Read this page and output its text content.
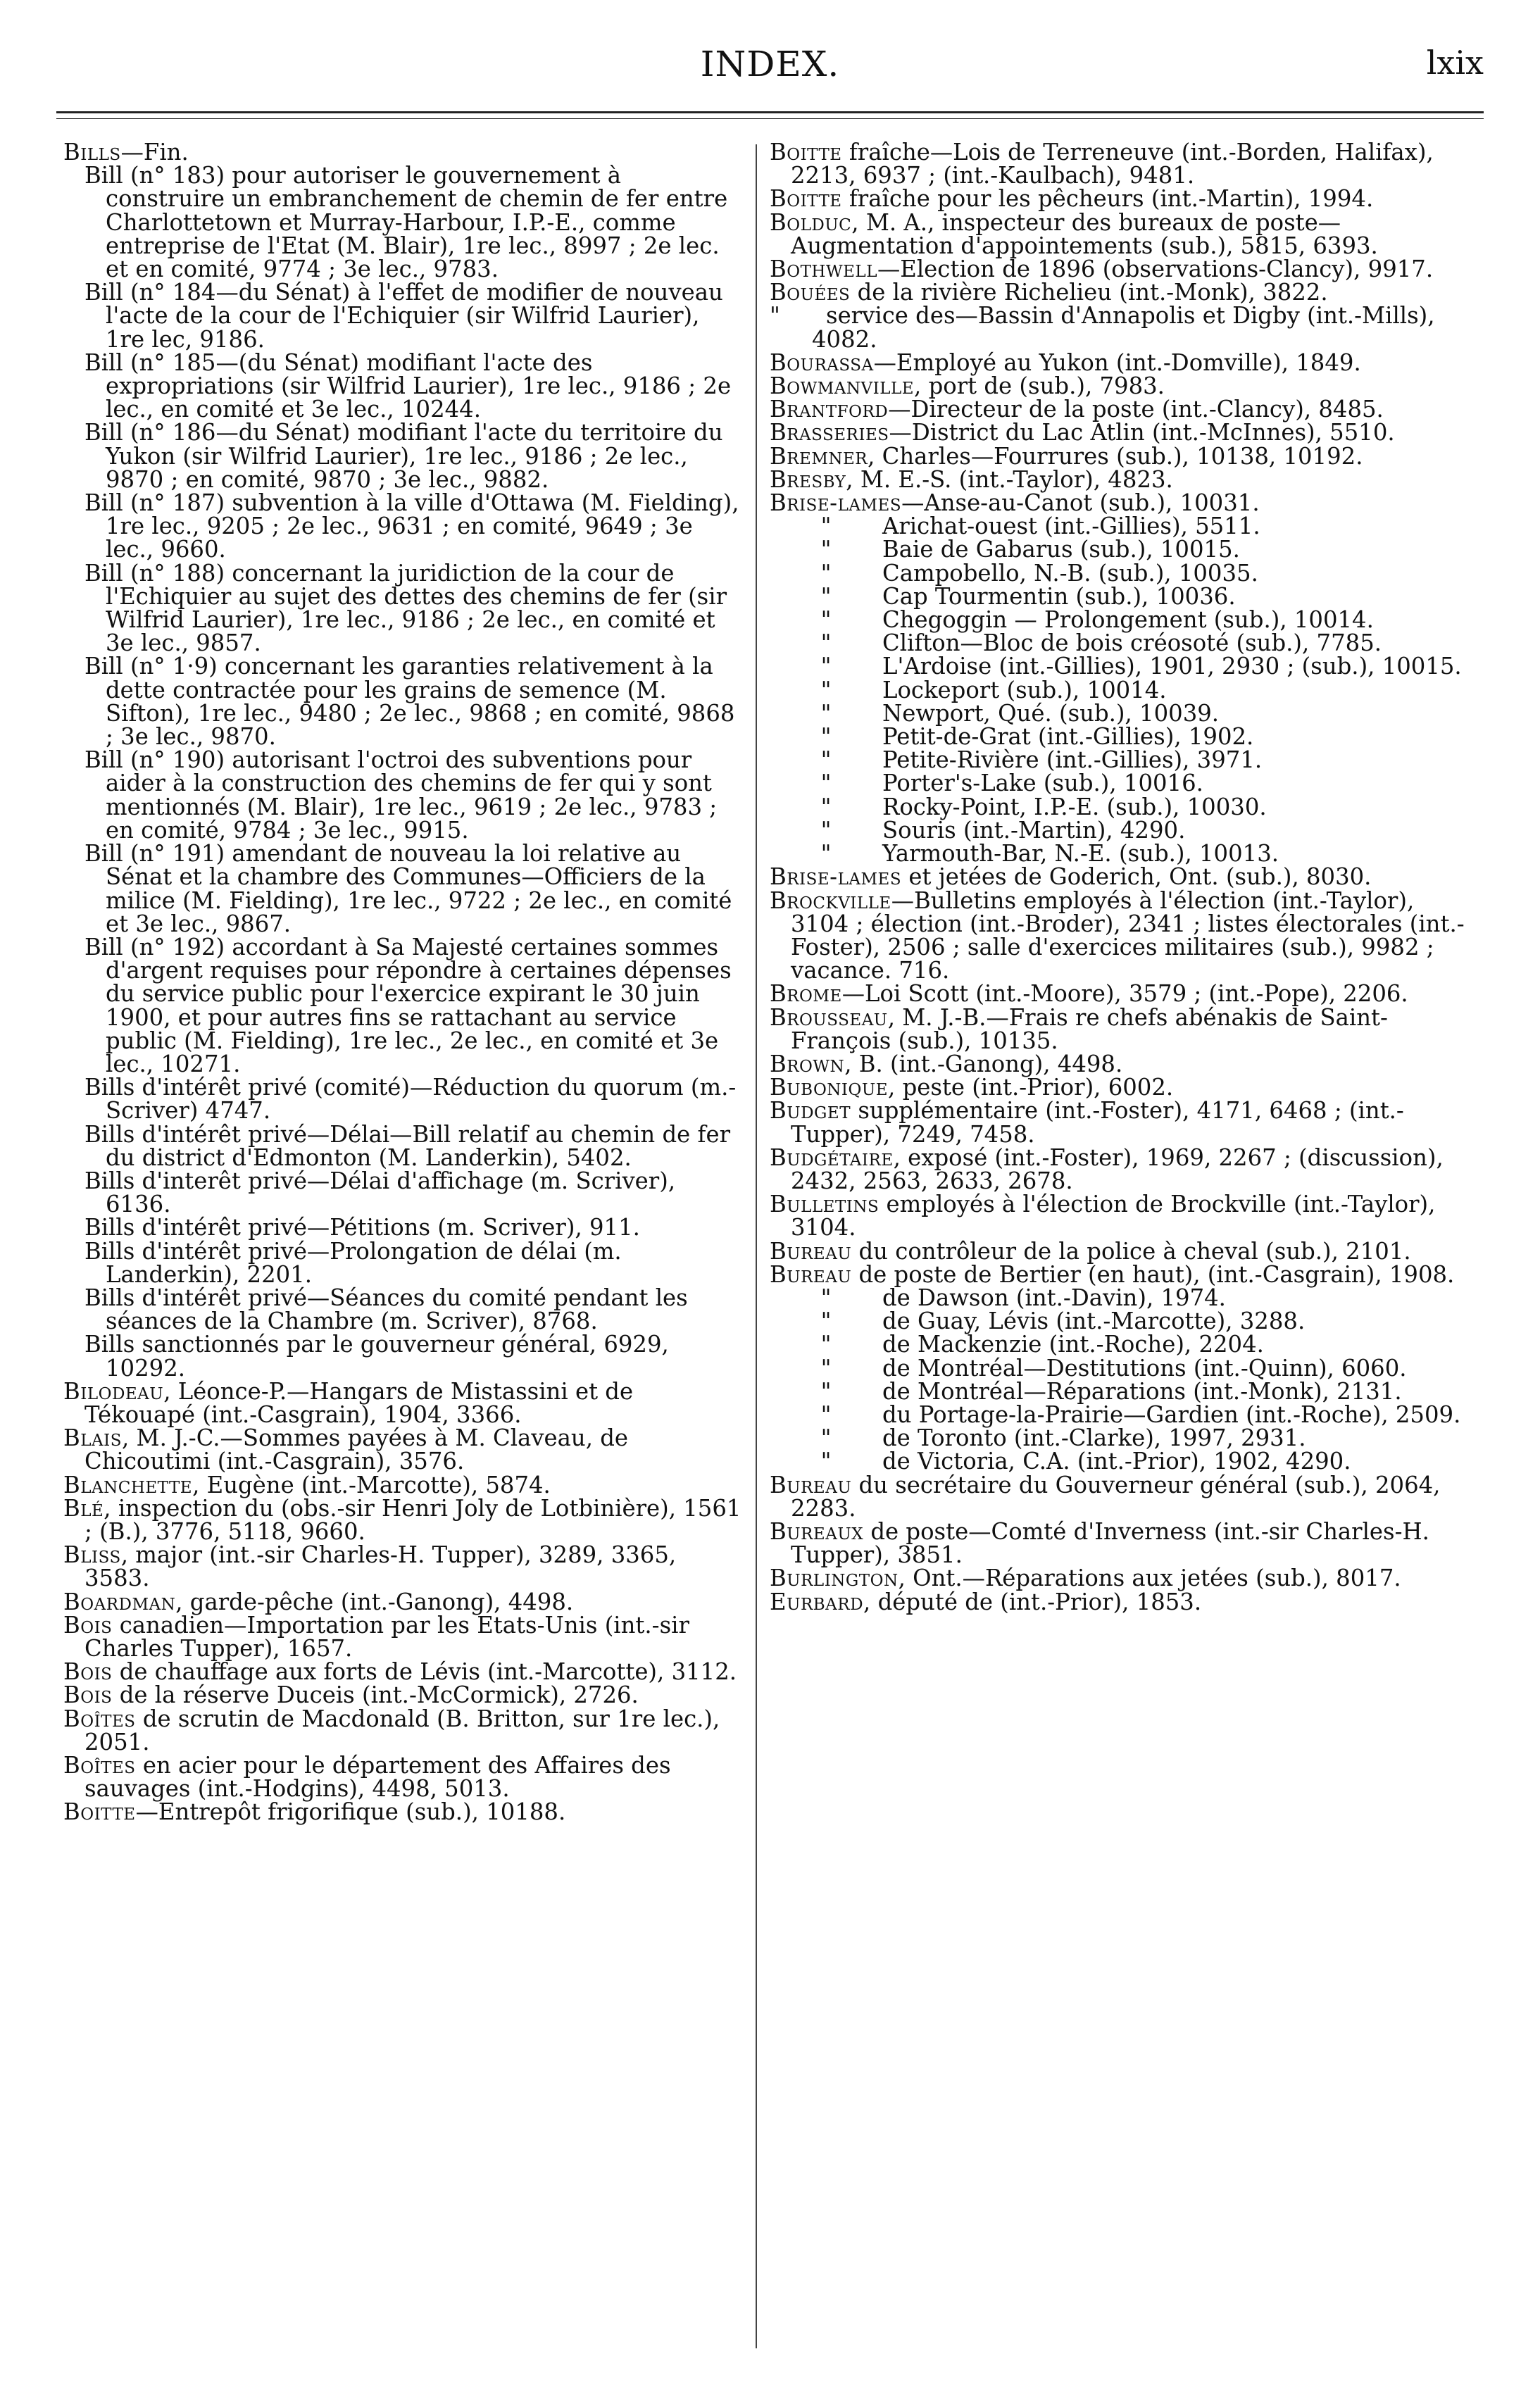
INDEX.	lxix

Bills—Fin.

Bill (n° 183) pour autoriser le gouvernement à construire un embranchement de chemin de fer entre Charlottetown et Murray-Harbour, I.P.-E., comme entreprise de l'Etat (M. Blair), 1re lec., 8997 ; 2e lec. et en comité, 9774 ; 3e lec., 9783.

Bill (n° 184—du Sénat) à l'effet de modifier de nouveau l'acte de la cour de l'Echiquier (sir Wilfrid Laurier), 1re lec, 9186.

Bill (n° 185—(du Sénat) modifiant l'acte des expropriations (sir Wilfrid Laurier), 1re lec., 9186 ; 2e lec., en comité et 3e lec., 10244.

Bill (n° 186—du Sénat) modifiant l'acte du territoire du Yukon (sir Wilfrid Laurier), 1re lec., 9186 ; 2e lec., 9870 ; en comité, 9870 ; 3e lec., 9882.

Bill (n° 187) subvention à la ville d'Ottawa (M. Fielding), 1re lec., 9205 ; 2e lec., 9631 ; en comité, 9649 ; 3e lec., 9660.

Bill (n° 188) concernant la juridiction de la cour de l'Echiquier au sujet des dettes des chemins de fer (sir Wilfrid Laurier), 1re lec., 9186 ; 2e lec., en comité et 3e lec., 9857.

Bill (n° 1·9) concernant les garanties relativement à la dette contractée pour les grains de semence (M. Sifton), 1re lec., 9480 ; 2e lec., 9868 ; en comité, 9868 ; 3e lec., 9870.

Bill (n° 190) autorisant l'octroi des subventions pour aider à la construction des chemins de fer qui y sont mentionnés (M. Blair), 1re lec., 9619 ; 2e lec., 9783 ; en comité, 9784 ; 3e lec., 9915.

Bill (n° 191) amendant de nouveau la loi relative au Sénat et la chambre des Communes—Officiers de la milice (M. Fielding), 1re lec., 9722 ; 2e lec., en comité et 3e lec., 9867.

Bill (n° 192) accordant à Sa Majesté certaines sommes d'argent requises pour répondre à certaines dépenses du service public pour l'exercice expirant le 30 juin 1900, et pour autres fins se rattachant au service public (M. Fielding), 1re lec., 2e lec., en comité et 3e lec., 10271.

Bills d'intérêt privé (comité)—Réduction du quorum (m.-Scriver) 4747.

Bills d'intérêt privé—Délai—Bill relatif au chemin de fer du district d'Edmonton (M. Landerkin), 5402.

Bills d'interêt privé—Délai d'affichage (m. Scriver), 6136.

Bills d'intérêt privé—Pétitions (m. Scriver), 911.

Bills d'intérêt privé—Prolongation de délai (m. Landerkin), 2201.

Bills d'intérêt privé—Séances du comité pendant les séances de la Chambre (m. Scriver), 8768.

Bills sanctionnés par le gouverneur général, 6929, 10292.

Bilodeau, Léonce-P.—Hangars de Mistassini et de Tékouapé (int.-Casgrain), 1904, 3366.

Blais, M. J.-C.—Sommes payées à M. Claveau, de Chicoutimi (int.-Casgrain), 3576.

Blanchette, Eugène (int.-Marcotte), 5874.

Blé, inspection du (obs.-sir Henri Joly de Lotbinière), 1561 ; (B.), 3776, 5118, 9660.

Bliss, major (int.-sir Charles-H. Tupper), 3289, 3365, 3583.

Boardman, garde-pêche (int.-Ganong), 4498.

Bois canadien—Importation par les Etats-Unis (int.-sir Charles Tupper), 1657.

Bois de chauffage aux forts de Lévis (int.-Marcotte), 3112.

Bois de la réserve Duceis (int.-McCormick), 2726.

Boîtes de scrutin de Macdonald (B. Britton, sur 1re lec.), 2051.

Boîtes en acier pour le département des Affaires des sauvages (int.-Hodgins), 4498, 5013.

Boitte—Entrepôt frigorifique (sub.), 10188.

Boitte fraîche—Lois de Terreneuve (int.-Borden, Halifax), 2213, 6937 ; (int.-Kaulbach), 9481.

Boitte fraîche pour les pêcheurs (int.-Martin), 1994.

Bolduc, M. A., inspecteur des bureaux de poste—Augmentation d'appointements (sub.), 5815, 6393.

Bothwell—Election de 1896 (observations-Clancy), 9917.

Bouées de la rivière Richelieu (int.-Monk), 3822.

" service des—Bassin d'Annapolis et Digby (int.-Mills), 4082.

Bourassa—Employé au Yukon (int.-Domville), 1849.

Bowmanville, port de (sub.), 7983.

Brantford—Directeur de la poste (int.-Clancy), 8485.

Brasseries—District du Lac Atlin (int.-McInnes), 5510.

Bremner, Charles—Fourrures (sub.), 10138, 10192.

Bresby, M. E.-S. (int.-Taylor), 4823.

Brise-lames—Anse-au-Canot (sub.), 10031.

" Arichat-ouest (int.-Gillies), 5511.

" Baie de Gabarus (sub.), 10015.

" Campobello, N.-B. (sub.), 10035.

" Cap Tourmentin (sub.), 10036.

" Chegoggin — Prolongement (sub.), 10014.

" Clifton—Bloc de bois créosoté (sub.), 7785.

" L'Ardoise (int.-Gillies), 1901, 2930 ; (sub.), 10015.

" Lockeport (sub.), 10014.

" Newport, Qué. (sub.), 10039.

" Petit-de-Grat (int.-Gillies), 1902.

" Petite-Rivière (int.-Gillies), 3971.

" Porter's-Lake (sub.), 10016.

" Rocky-Point, I.P.-E. (sub.), 10030.

" Souris (int.-Martin), 4290.

" Yarmouth-Bar, N.-E. (sub.), 10013.

Brise-lames et jetées de Goderich, Ont. (sub.), 8030.

Brockville—Bulletins employés à l'élection (int.-Taylor), 3104 ; élection (int.-Broder), 2341 ; listes électorales (int.-Foster), 2506 ; salle d'exercices militaires (sub.), 9982 ; vacance. 716.

Brome—Loi Scott (int.-Moore), 3579 ; (int.-Pope), 2206.

Brousseau, M. J.-B.—Frais re chefs abénakis de Saint-François (sub.), 10135.

Brown, B. (int.-Ganong), 4498.

Bubonique, peste (int.-Prior), 6002.

Budget supplémentaire (int.-Foster), 4171, 6468 ; (int.-Tupper), 7249, 7458.

Budgétaire, exposé (int.-Foster), 1969, 2267 ; (discussion), 2432, 2563, 2633, 2678.

Bulletins employés à l'élection de Brockville (int.-Taylor), 3104.

Bureau du contrôleur de la police à cheval (sub.), 2101.

Bureau de poste de Bertier (en haut), (int.-Casgrain), 1908.

" de Dawson (int.-Davin), 1974.

" de Guay, Lévis (int.-Marcotte), 3288.

" de Mackenzie (int.-Roche), 2204.

" de Montréal—Destitutions (int.-Quinn), 6060.

" de Montréal—Réparations (int.-Monk), 2131.

" du Portage-la-Prairie—Gardien (int.-Roche), 2509.

" de Toronto (int.-Clarke), 1997, 2931.

" de Victoria, C.A. (int.-Prior), 1902, 4290.

Bureau du secrétaire du Gouverneur général (sub.), 2064, 2283.

Bureaux de poste—Comté d'Inverness (int.-sir Charles-H. Tupper), 3851.

Burlington, Ont.—Réparations aux jetées (sub.), 8017.

Eurbard, député de (int.-Prior), 1853.
